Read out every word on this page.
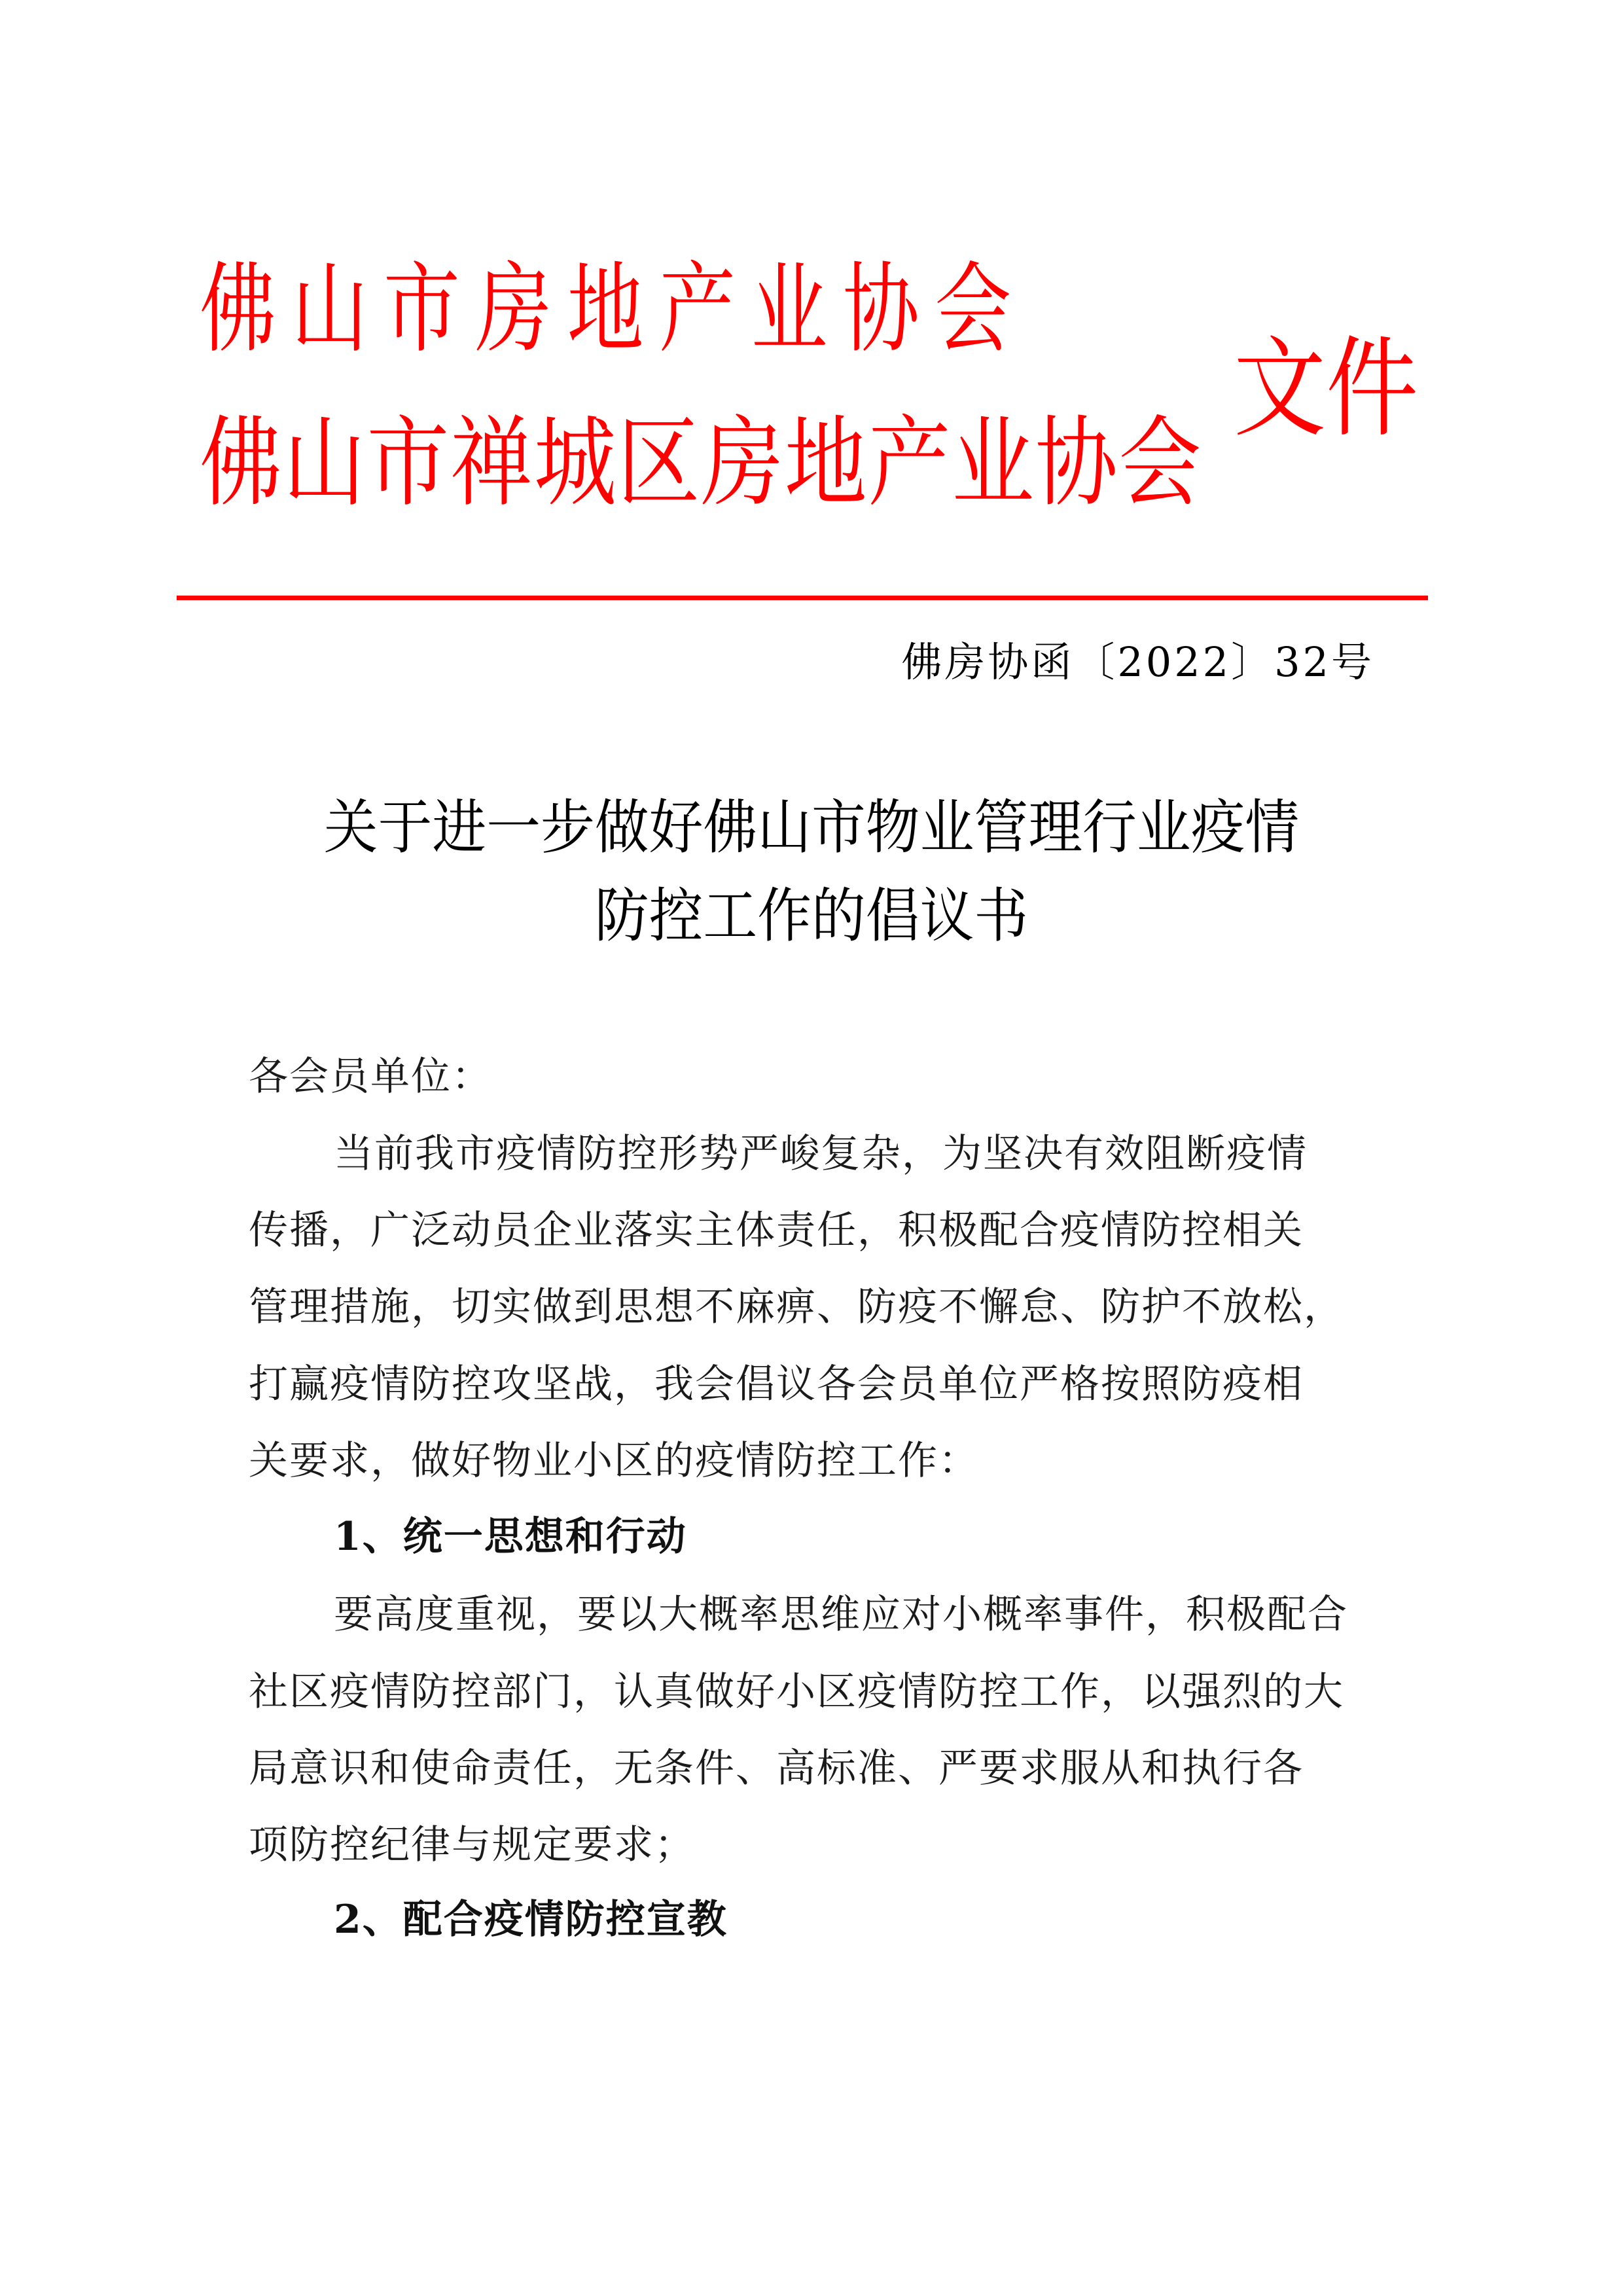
佛山市房地产业协会
佛山市禅城区房地产业协会
文件
佛房协函〔2022〕32号
关于进一步做好佛山市物业管理行业疫情
防控工作的倡议书
各会员单位：
当前我市疫情防控形势严峻复杂，为坚决有效阻断疫情
传播，广泛动员企业落实主体责任，积极配合疫情防控相关
管理措施，切实做到思想不麻痹、防疫不懈怠、防护不放松，
打赢疫情防控攻坚战，我会倡议各会员单位严格按照防疫相
关要求，做好物业小区的疫情防控工作：
1、统一思想和行动
要高度重视，要以大概率思维应对小概率事件，积极配合
社区疫情防控部门，认真做好小区疫情防控工作，以强烈的大
局意识和使命责任，无条件、高标准、严要求服从和执行各
项防控纪律与规定要求；
2、配合疫情防控宣教
